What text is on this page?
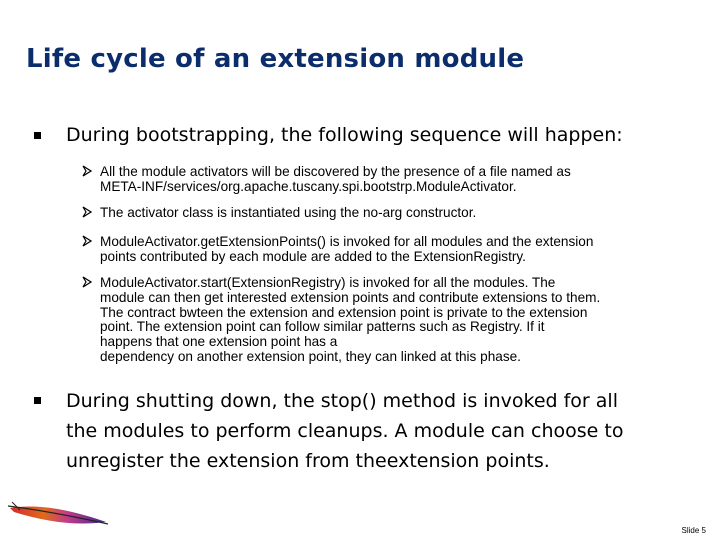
Life cycle of an extension module

During bootstrapping, the following sequence will happen:

All the module activators will be discovered by the presence of a file named as
META-INF/services/org.apache.tuscany.spi.bootstrp.ModuleActivator.

The activator class is instantiated using the no-arg constructor.

ModuleActivator.getExtensionPoints() is invoked for all modules and the extension
points contributed by each module are added to the ExtensionRegistry.

ModuleActivator.start(ExtensionRegistry) is invoked for all the modules. The
module can then get interested extension points and contribute extensions to them.
The contract bwteen the extension and extension point is private to the extension
point. The extension point can follow similar patterns such as Registry. If it
happens that one extension point has a
dependency on another extension point, they can linked at this phase.

During shutting down, the stop() method is invoked for all
the modules to perform cleanups. A module can choose to
unregister the extension from theextension points.

Slide 5
